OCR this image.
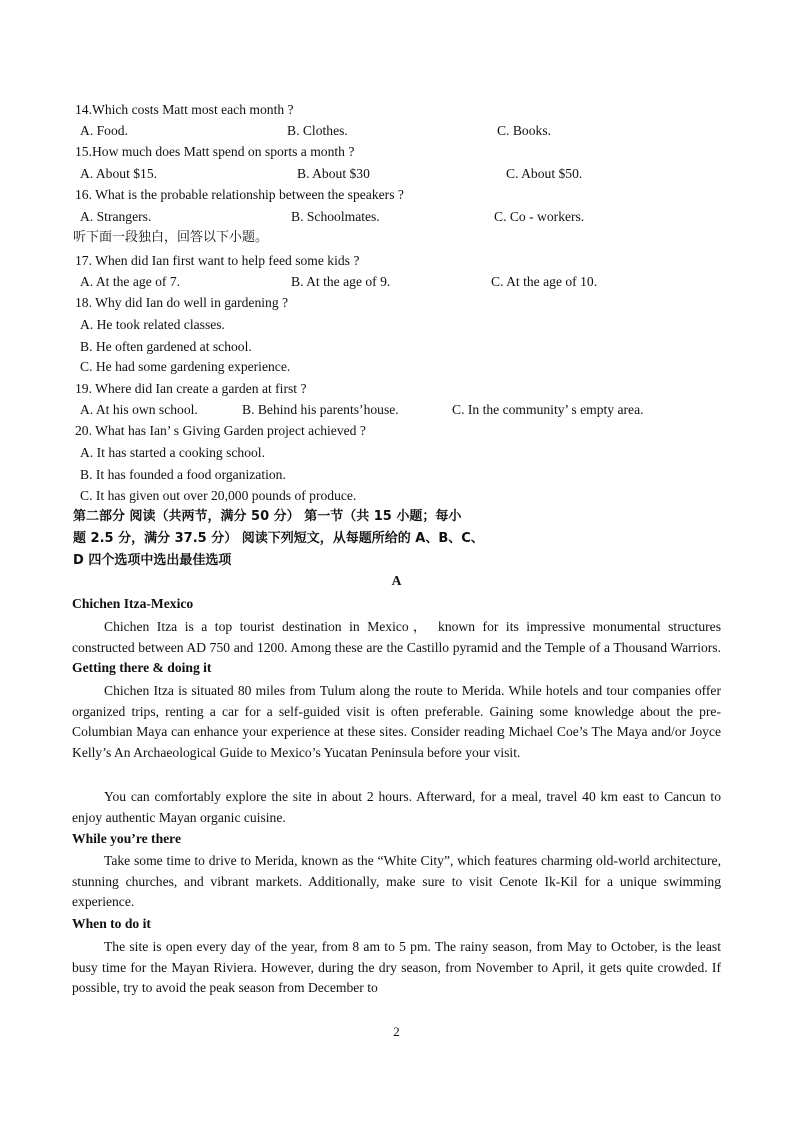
14.Which costs Matt most each month ?
A. Food.	B. Clothes.	C. Books.
15.How much does Matt spend on sports a month ?
A. About $15.	B. About $30	C. About $50.
16. What is the probable relationship between the speakers ?
A. Strangers.	B. Schoolmates.	C. Co - workers.
听下面一段独白，回答以下小题。
17. When did Ian first want to help feed some kids ?
A. At the age of 7.	B. At the age of 9.	C. At the age of 10.
18. Why did Ian do well in gardening ?
A. He took related classes.
B. He often gardened at school.
C. He had some gardening experience.
19. Where did Ian create a garden at first ?
A. At his own school.	B. Behind his parents’house.	C. In the community’ s empty area.
20. What has Ian’ s Giving Garden project achieved ?
A. It has started a cooking school.
B. It has founded a food organization.
C. It has given out over 20,000 pounds of produce.
第二部分 阅读（共两节，满分 50 分） 第一节（共 15 小题；每小
题 2.5 分，满分 37.5 分） 阅读下列短文，从每题所给的 A、B、C、
D 四个选项中选出最佳选项
A
Chichen Itza-Mexico

Chichen Itza is a top tourist destination in Mexico， known for its impressive monumental structures constructed between AD 750 and 1200. Among these are the Castillo pyramid and the Temple of a Thousand Warriors. Getting there & doing it

Chichen Itza is situated 80 miles from Tulum along the route to Merida. While hotels and tour companies offer organized trips, renting a car for a self-guided visit is often preferable. Gaining some knowledge about the pre-Columbian Maya can enhance your experience at these sites. Consider reading Michael Coe’s The Maya and/or Joyce Kelly’s An Archaeological Guide to Mexico’s Yucatan Peninsula before your visit.

You can comfortably explore the site in about 2 hours. Afterward, for a meal, travel 40 km east to Cancun to enjoy authentic Mayan organic cuisine.

While you’re there

Take some time to drive to Merida, known as the “White City”, which features charming old-world architecture, stunning churches, and vibrant markets. Additionally, make sure to visit Cenote Ik-Kil for a unique swimming experience.

When to do it

The site is open every day of the year, from 8 am to 5 pm. The rainy season, from May to October, is the least busy time for the Mayan Riviera. However, during the dry season, from November to April, it gets quite crowded. If possible, try to avoid the peak season from December to

2
